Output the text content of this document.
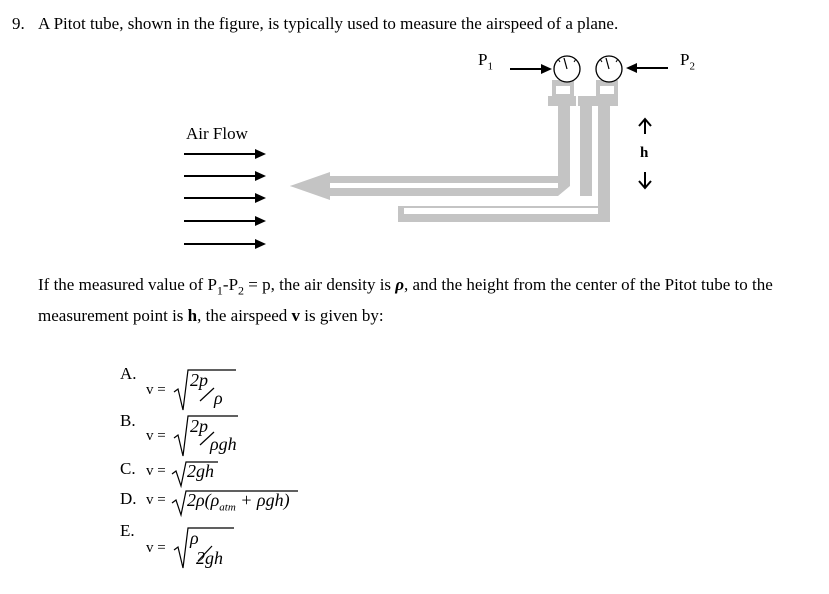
9. A Pitot tube, shown in the figure, is typically used to measure the airspeed of a plane.
$P_1$	$P_2$
Air Flow
h
If the measured value of $P_1-P_2 = p$, the air density is ρ, and the height from the center of the Pitot tube to the measurement point is h, the airspeed v is given by:
A.
v = 2p
ρ
B.
v = 2p
ρgh
C. v = 2gh
D. $v = 2\rho(\rho_{atm} + \rho gh)$
E.
v = ρ
2gh
